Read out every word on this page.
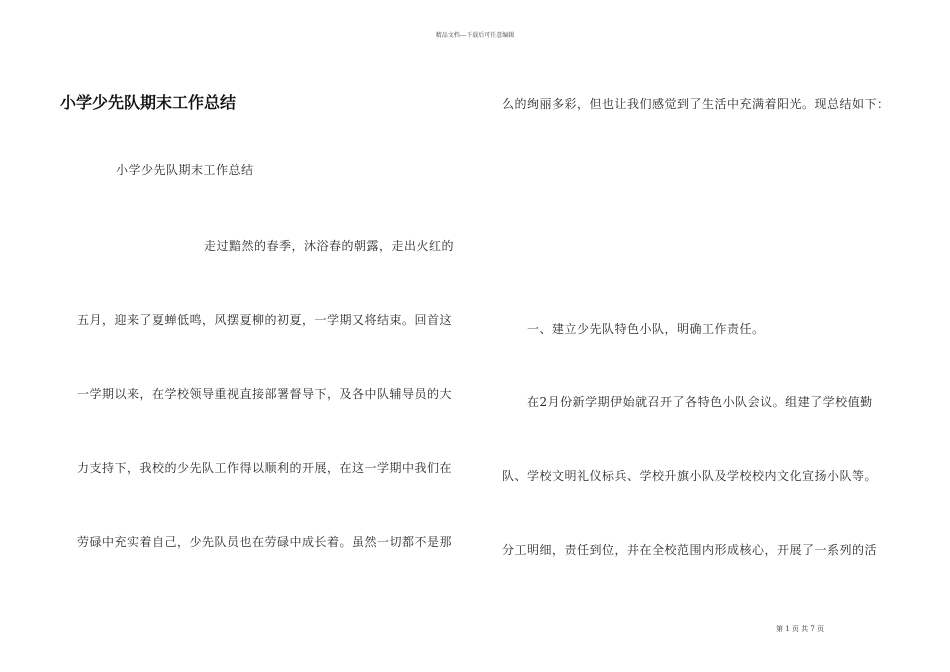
精品文档---下载后可任意编辑
小学少先队期末工作总结
小学少先队期末工作总结
走过黯然的春季，沐浴春的朝露，走出火红的
五月，迎来了夏蝉低鸣，风摆夏柳的初夏，一学期又将结束。回首这
一学期以来，在学校领导重视直接部署督导下，及各中队辅导员的大
力支持下，我校的少先队工作得以顺利的开展，在这一学期中我们在
劳碌中充实着自己，少先队员也在劳碌中成长着。虽然一切都不是那
么的绚丽多彩，但也让我们感觉到了生活中充满着阳光。现总结如下：
一、建立少先队特色小队，明确工作责任。
在2月份新学期伊始就召开了各特色小队会议。组建了学校值勤
队、学校文明礼仪标兵、学校升旗小队及学校校内文化宣扬小队等。
分工明细，责任到位，并在全校范围内形成核心，开展了一系列的活
第 1 页 共 7 页
